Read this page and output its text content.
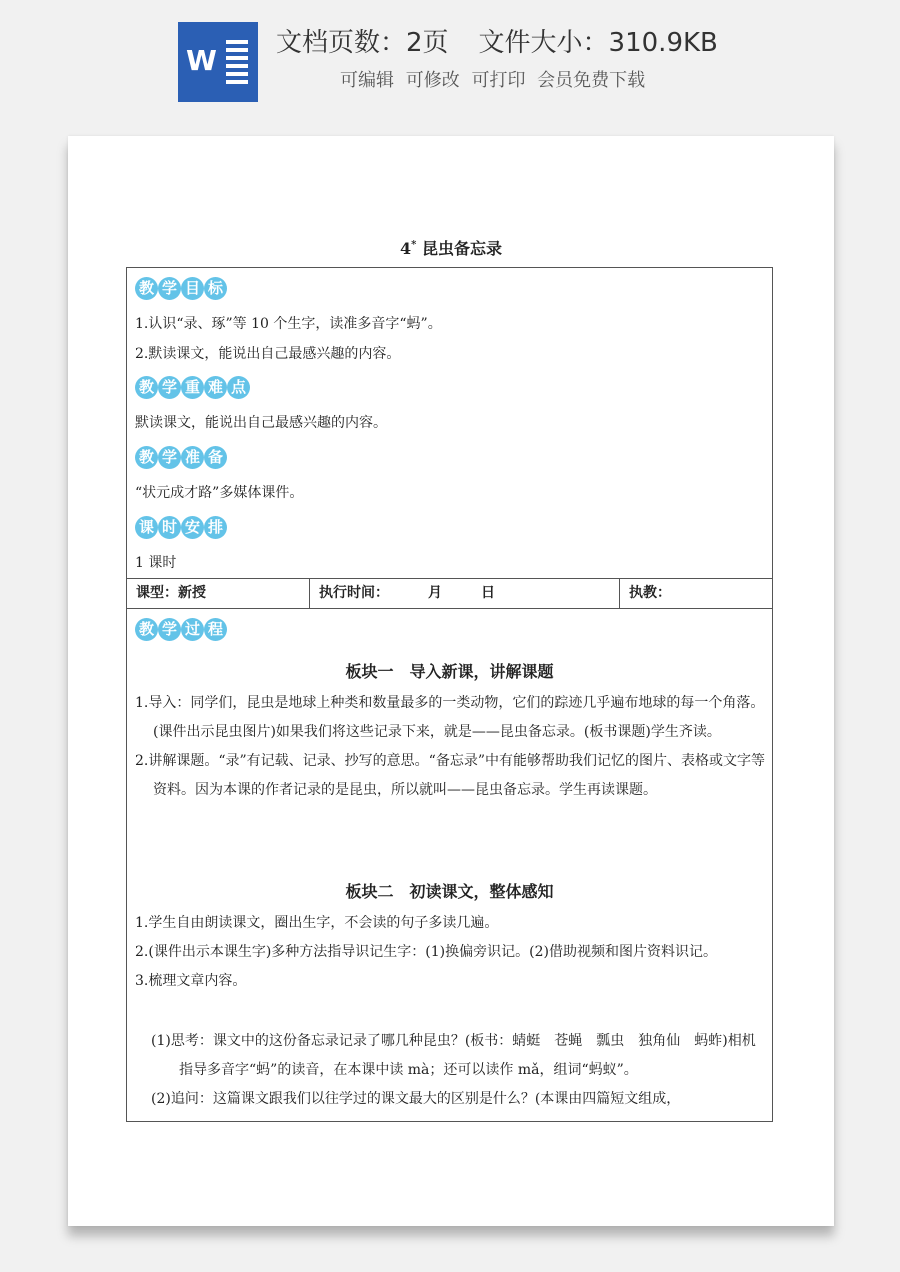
W
文档页数：2页 文件大小：310.9KB
可编辑 可修改 可打印 会员免费下载
4* 昆虫备忘录
教 学 目 标
1.认识“录、琢”等 10 个生字，读准多音字“蚂”。
2.默读课文，能说出自己最感兴趣的内容。
教 学 重 难 点
默读课文，能说出自己最感兴趣的内容。
教 学 准 备
“状元成才路”多媒体课件。
课 时 安 排
1 课时
课型：新授	执行时间：        月        日	执教：
教 学 过 程
板块一　导入新课，讲解课题
1.导入：同学们，昆虫是地球上种类和数量最多的一类动物，它们的踪迹几乎遍布地球的每一个角落。(课件出示昆虫图片)如果我们将这些记录下来，就是——昆虫备忘录。(板书课题)学生齐读。
2.讲解课题。“录”有记载、记录、抄写的意思。“备忘录”中有能够帮助我们记忆的图片、表格或文字等资料。因为本课的作者记录的是昆虫，所以就叫——昆虫备忘录。学生再读课题。
板块二　初读课文，整体感知
1.学生自由朗读课文，圈出生字，不会读的句子多读几遍。
2.(课件出示本课生字)多种方法指导识记生字：(1)换偏旁识记。(2)借助视频和图片资料识记。
3.梳理文章内容。
(1)思考：课文中的这份备忘录记录了哪几种昆虫？(板书：蜻蜓　苍蝇　瓢虫　独角仙　蚂蚱)相机指导多音字“蚂”的读音，在本课中读 mà；还可以读作 mǎ，组词“蚂蚁”。
(2)追问：这篇课文跟我们以往学过的课文最大的区别是什么？(本课由四篇短文组成，
